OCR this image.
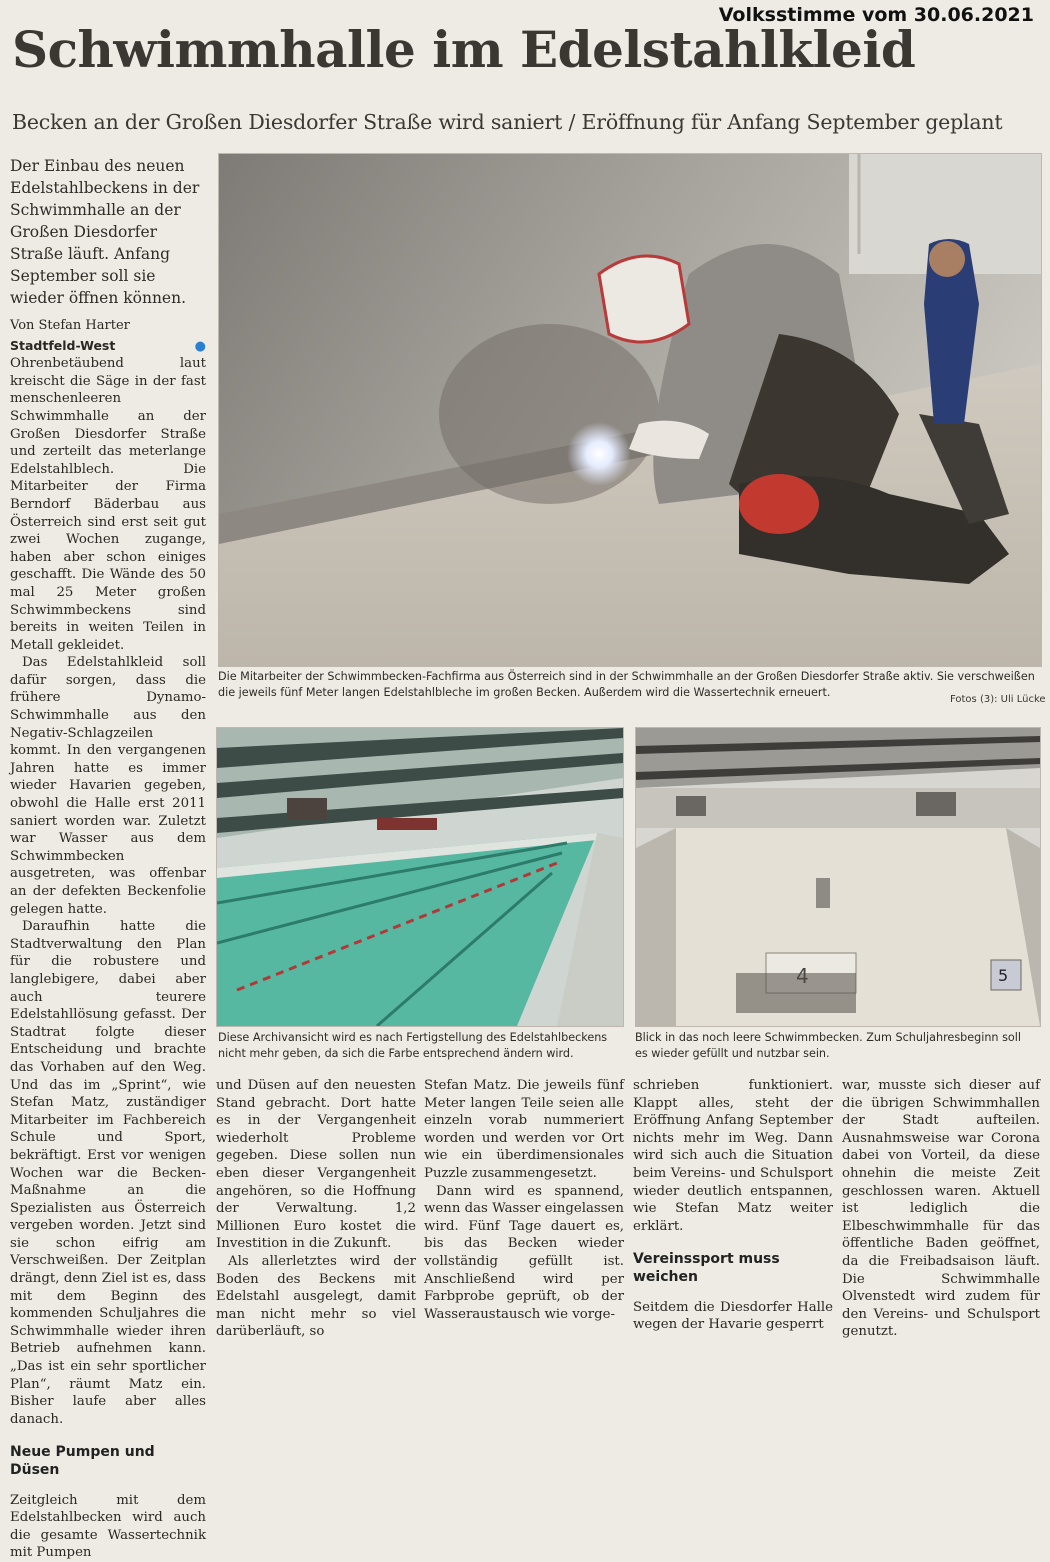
Volksstimme vom 30.06.2021
Schwimmhalle im Edelstahlkleid
Becken an der Großen Diesdorfer Straße wird saniert / Eröffnung für Anfang September geplant
Der Einbau des neuen Edelstahlbeckens in der Schwimmhalle an der Großen Diesdorfer Straße läuft. Anfang September soll sie wieder öffnen können.
Von Stefan Harter

Stadtfeld-West	● Ohrenbetäubend laut kreischt die Säge in der fast menschenleeren Schwimmhalle an der Großen Diesdorfer Straße und zerteilt das meterlange Edelstahlblech. Die Mitarbeiter der Firma Berndorf Bäderbau aus Österreich sind erst seit gut zwei Wochen zugange, haben aber schon einiges geschafft. Die Wände des 50 mal 25 Meter großen Schwimmbeckens sind bereits in weiten Teilen in Metall gekleidet.

Das Edelstahlkleid soll dafür sorgen, dass die frühere Dynamo-Schwimmhalle aus den Negativ-Schlagzeilen kommt. In den vergangenen Jahren hatte es immer wieder Havarien gegeben, obwohl die Halle erst 2011 saniert worden war. Zuletzt war Wasser aus dem Schwimmbecken ausgetreten, was offenbar an der defekten Beckenfolie gelegen hatte.

Daraufhin hatte die Stadtverwaltung den Plan für die robustere und langlebigere, dabei aber auch teurere Edelstahllösung gefasst. Der Stadtrat folgte dieser Entscheidung und brachte das Vorhaben auf den Weg. Und das im „Sprint“, wie Stefan Matz, zuständiger Mitarbeiter im Fachbereich Schule und Sport, bekräftigt. Erst vor wenigen Wochen war die Becken-Maßnahme an die Spezialisten aus Österreich vergeben worden. Jetzt sind sie schon eifrig am Verschweißen. Der Zeitplan drängt, denn Ziel ist es, dass mit dem Beginn des kommenden Schuljahres die Schwimmhalle wieder ihren Betrieb aufnehmen kann. „Das ist ein sehr sportlicher Plan“, räumt Matz ein. Bisher laufe aber alles danach.

Neue Pumpen und Düsen

Zeitgleich mit dem Edelstahlbecken wird auch die gesamte Wassertechnik mit Pumpen

Die Mitarbeiter der Schwimmbecken-Fachfirma aus Österreich sind in der Schwimmhalle an der Großen Diesdorfer Straße aktiv. Sie verschweißen die jeweils fünf Meter langen Edelstahlbleche im großen Becken. Außerdem wird die Wassertechnik erneuert.
Fotos (3): Uli Lücke
Diese Archivansicht wird es nach Fertigstellung des Edelstahlbeckens nicht mehr geben, da sich die Farbe entsprechend ändern wird.
5
Blick in das noch leere Schwimmbecken. Zum Schuljahresbeginn soll es wieder gefüllt und nutzbar sein.

und Düsen auf den neuesten Stand gebracht. Dort hatte es in der Vergangenheit wiederholt Probleme gegeben. Diese sollen nun eben dieser Vergangenheit angehören, so die Hoffnung der Verwaltung. 1,2 Millionen Euro kostet die Investition in die Zukunft.

Als allerletztes wird der Boden des Beckens mit Edelstahl ausgelegt, damit man nicht mehr so viel darüberläuft, so

Stefan Matz. Die jeweils fünf Meter langen Teile seien alle einzeln vorab nummeriert worden und werden vor Ort wie ein überdimensionales Puzzle zusammengesetzt.

Dann wird es spannend, wenn das Wasser eingelassen wird. Fünf Tage dauert es, bis das Becken wieder vollständig gefüllt ist. Anschließend wird per Farbprobe geprüft, ob der Wasseraustausch wie vorge-

schrieben funktioniert. Klappt alles, steht der Eröffnung Anfang September nichts mehr im Weg. Dann wird sich auch die Situation beim Vereins- und Schulsport wieder deutlich entspannen, wie Stefan Matz weiter erklärt.

Vereinssport muss weichen

Seitdem die Diesdorfer Halle wegen der Havarie gesperrt

war, musste sich dieser auf die übrigen Schwimmhallen der Stadt aufteilen. Ausnahmsweise war Corona dabei von Vorteil, da diese ohnehin die meiste Zeit geschlossen waren. Aktuell ist lediglich die Elbeschwimmhalle für das öffentliche Baden geöffnet, da die Freibadsaison läuft. Die Schwimmhalle Olvenstedt wird zudem für den Vereins- und Schulsport genutzt.
